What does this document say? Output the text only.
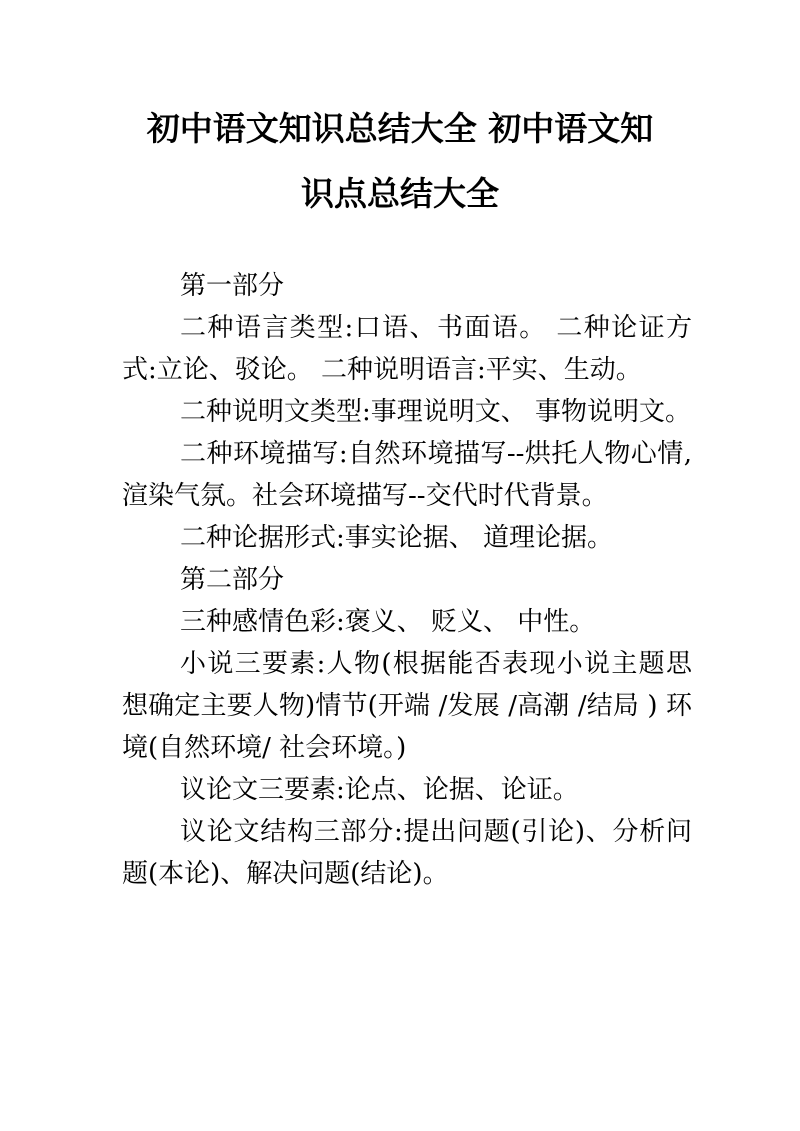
初中语文知识总结大全 初中语文知
识点总结大全

第一部分

二种语言类型:口语、书面语。 二种论证方式:立论、驳论。 二种说明语言:平实、生动。

二种说明文类型:事理说明文、 事物说明文。

二种环境描写:自然环境描写--烘托人物心情,渲染气氛。社会环境描写--交代时代背景。

二种论据形式:事实论据、 道理论据。

第二部分

三种感情色彩:褒义、 贬义、 中性。

小说三要素:人物(根据能否表现小说主题思想确定主要人物)情节(开端 /发展 /高潮 /结局 ) 环境(自然环境/ 社会环境。)

议论文三要素:论点、论据、论证。

议论文结构三部分:提出问题(引论)、分析问题(本论)、解决问题(结论)。
